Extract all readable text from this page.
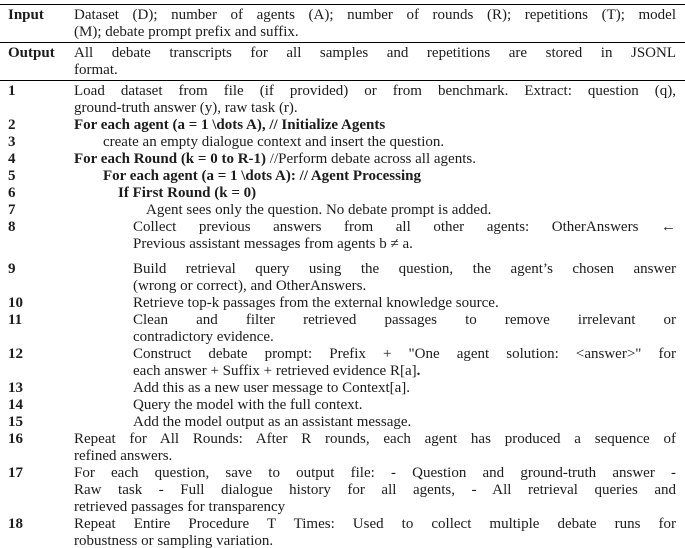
Input	Dataset (D); number of agents (A); number of rounds (R); repetitions (T); model
(M); debate prompt prefix and suffix.
Output	All debate transcripts for all samples and repetitions are stored in JSONL
format.
1	Load dataset from file (if provided) or from benchmark. Extract: question (q),
ground-truth answer (y), raw task (r).
2	For each agent (a = 1 \dots A), // Initialize Agents
3	create an empty dialogue context and insert the question.
4	For each Round (k = 0 to R-1) //Perform debate across all agents.
5	For each agent (a = 1 \dots A): // Agent Processing
6	If First Round (k = 0)
7	Agent sees only the question. No debate prompt is added.
8	Collect previous answers from all other agents: OtherAnswers ←
Previous assistant messages from agents b ≠ a.
9	Build retrieval query using the question, the agent’s chosen answer
(wrong or correct), and OtherAnswers.
10	Retrieve top-k passages from the external knowledge source.
11	Clean and filter retrieved passages to remove irrelevant or
contradictory evidence.
12	Construct debate prompt: Prefix + "One agent solution: <answer>" for
each answer + Suffix + retrieved evidence R[a].
13	Add this as a new user message to Context[a].
14	Query the model with the full context.
15	Add the model output as an assistant message.
16	Repeat for All Rounds: After R rounds, each agent has produced a sequence of
refined answers.
17	For each question, save to output file: - Question and ground-truth answer -
Raw task - Full dialogue history for all agents, - All retrieval queries and
retrieved passages for transparency
18	Repeat Entire Procedure T Times: Used to collect multiple debate runs for
robustness or sampling variation.
